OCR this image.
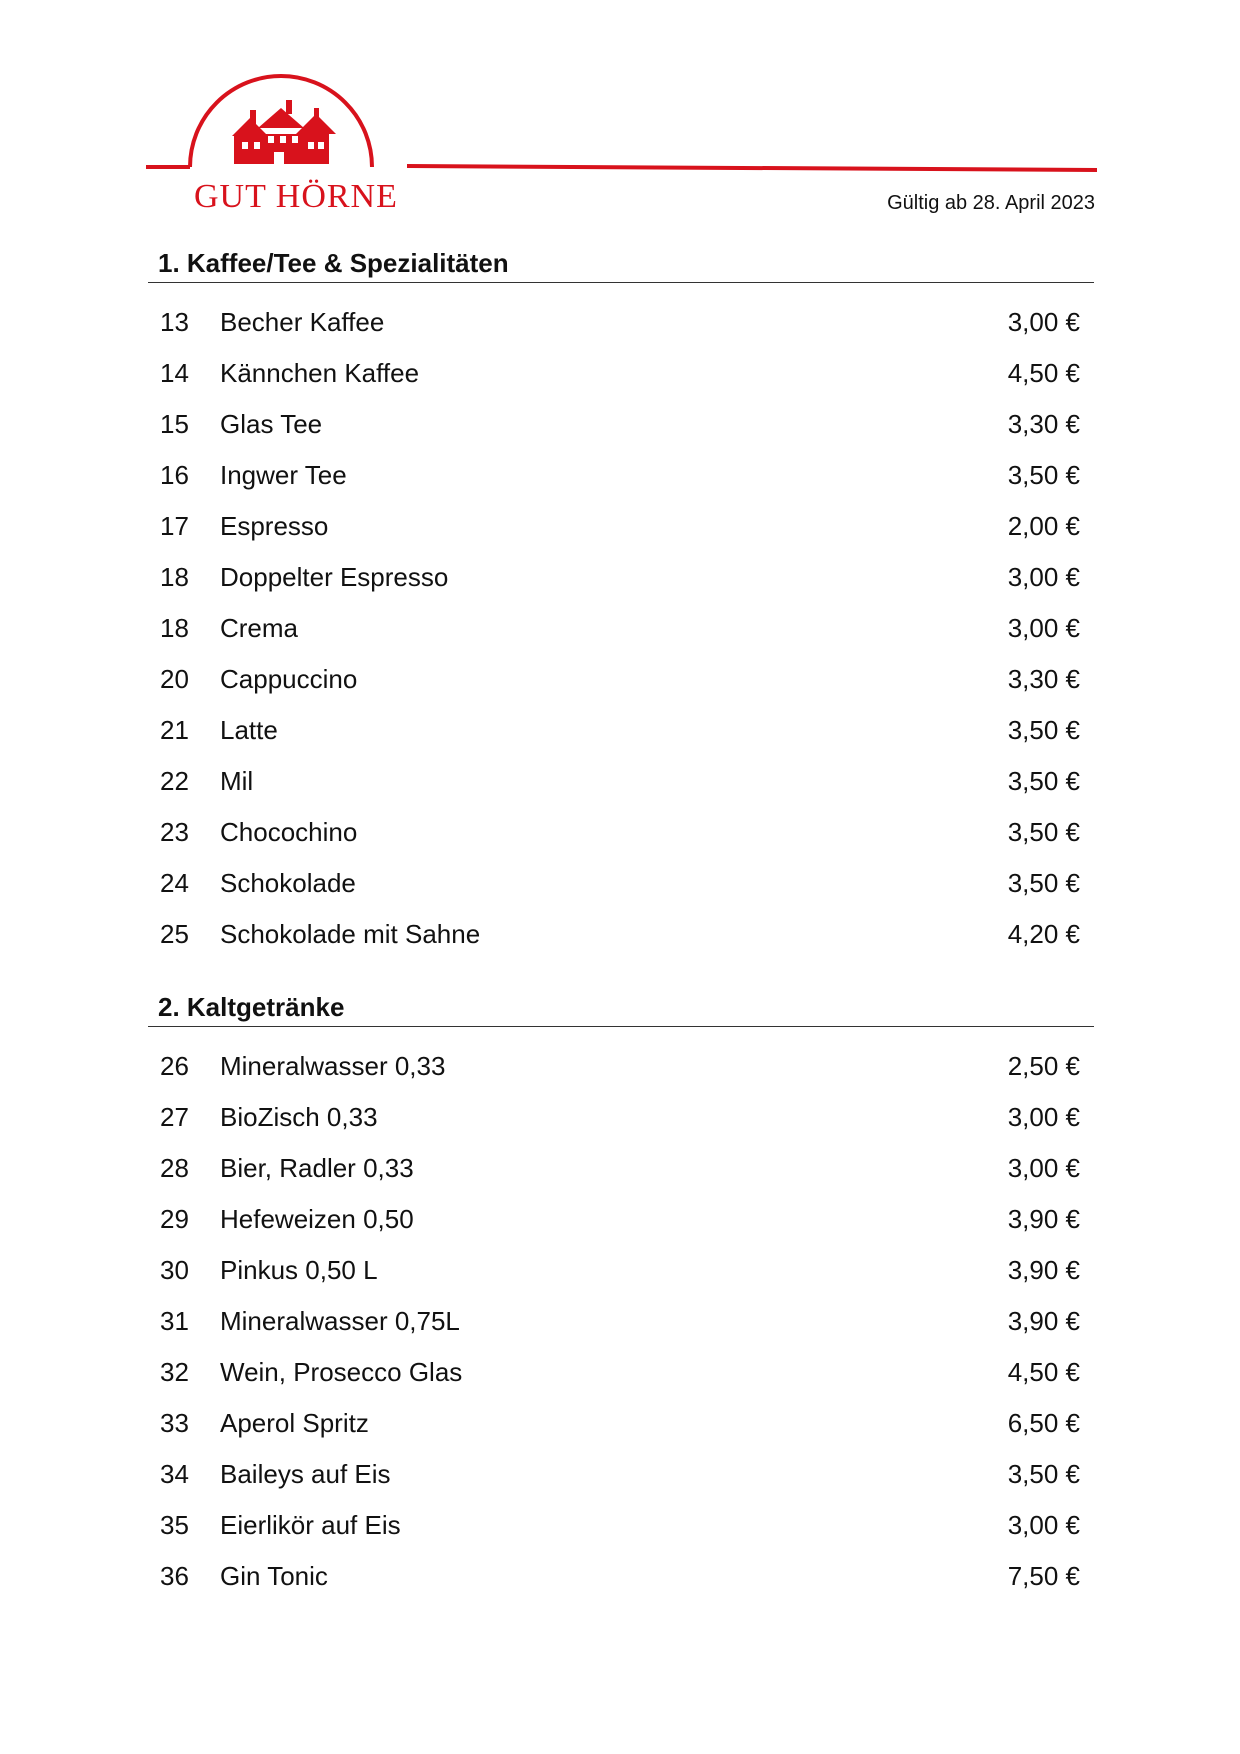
GUT HÖRNE	Gültig ab 28. April 2023
1. Kaffee/Tee & Spezialitäten
13	Becher Kaffee	3,00 €
14	Kännchen Kaffee	4,50 €
15	Glas Tee	3,30 €
16	Ingwer Tee	3,50 €
17	Espresso	2,00 €
18	Doppelter Espresso	3,00 €
18	Crema	3,00 €
20	Cappuccino	3,30 €
21	Latte	3,50 €
22	Mil	3,50 €
23	Chocochino	3,50 €
24	Schokolade	3,50 €
25	Schokolade mit Sahne	4,20 €
2. Kaltgetränke
26	Mineralwasser 0,33	2,50 €
27	BioZisch 0,33	3,00 €
28	Bier, Radler 0,33	3,00 €
29	Hefeweizen 0,50	3,90 €
30	Pinkus 0,50 L	3,90 €
31	Mineralwasser 0,75L	3,90 €
32	Wein, Prosecco Glas	4,50 €
33	Aperol Spritz	6,50 €
34	Baileys auf Eis	3,50 €
35	Eierlikör auf Eis	3,00 €
36	Gin Tonic	7,50 €
